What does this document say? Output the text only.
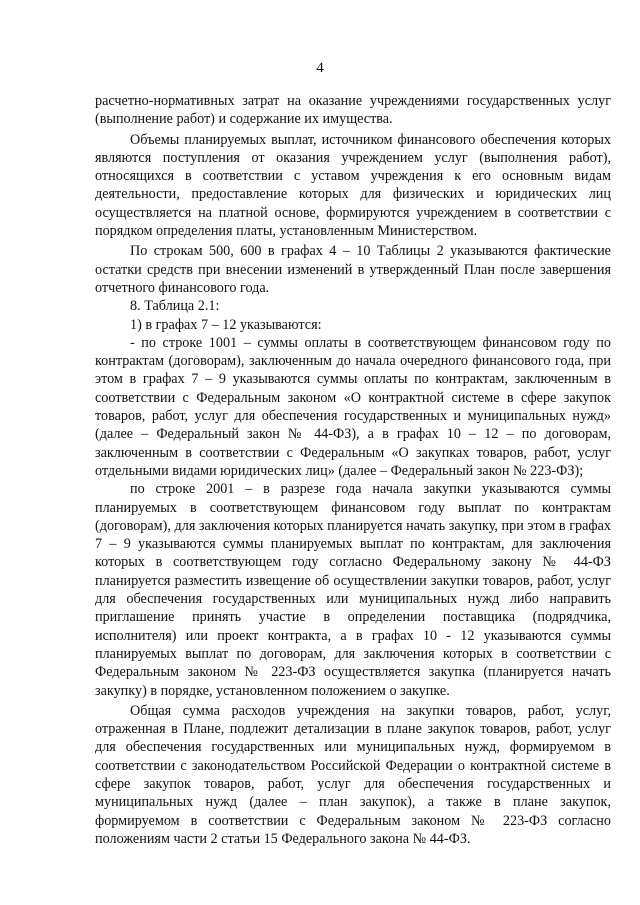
4

расчетно-нормативных затрат на оказание учреждениями государственных услуг (выполнение работ) и содержание их имущества.

Объемы планируемых выплат, источником финансового обеспечения которых являются поступления от оказания учреждением услуг (выполнения работ), относящихся в соответствии с уставом учреждения к его основным видам деятельности, предоставление которых для физических и юридических лиц осуществляется на платной основе, формируются учреждением в соответствии с порядком определения платы, установленным Министерством.

По строкам 500, 600 в графах 4 – 10 Таблицы 2 указываются фактические остатки средств при внесении изменений в утвержденный План после завершения отчетного финансового года.

8. Таблица 2.1:

1) в графах 7 – 12 указываются:

- по строке 1001 – суммы оплаты в соответствующем финансовом году по контрактам (договорам), заключенным до начала очередного финансового года, при этом в графах 7 – 9 указываются суммы оплаты по контрактам, заключенным в соответствии с Федеральным законом «О контрактной системе в сфере закупок товаров, работ, услуг для обеспечения государственных и муниципальных нужд» (далее – Федеральный закон № 44-ФЗ), а в графах 10 – 12 – по договорам, заключенным в соответствии с Федеральным «О закупках товаров, работ, услуг отдельными видами юридических лиц» (далее – Федеральный закон № 223-ФЗ);

по строке 2001 – в разрезе года начала закупки указываются суммы планируемых в соответствующем финансовом году выплат по контрактам (договорам), для заключения которых планируется начать закупку, при этом в графах 7 – 9 указываются суммы планируемых выплат по контрактам, для заключения которых в соответствующем году согласно Федеральному закону № 44-ФЗ планируется разместить извещение об осуществлении закупки товаров, работ, услуг для обеспечения государственных или муниципальных нужд либо направить приглашение принять участие в определении поставщика (подрядчика, исполнителя) или проект контракта, а в графах 10 - 12 указываются суммы планируемых выплат по договорам, для заключения которых в соответствии с Федеральным законом № 223-ФЗ осуществляется закупка (планируется начать закупку) в порядке, установленном положением о закупке.

Общая сумма расходов учреждения на закупки товаров, работ, услуг, отраженная в Плане, подлежит детализации в плане закупок товаров, работ, услуг для обеспечения государственных или муниципальных нужд, формируемом в соответствии с законодательством Российской Федерации о контрактной системе в сфере закупок товаров, работ, услуг для обеспечения государственных и муниципальных нужд (далее – план закупок), а также в плане закупок, формируемом в соответствии с Федеральным законом № 223-ФЗ согласно положениям части 2 статьи 15 Федерального закона № 44-ФЗ.
